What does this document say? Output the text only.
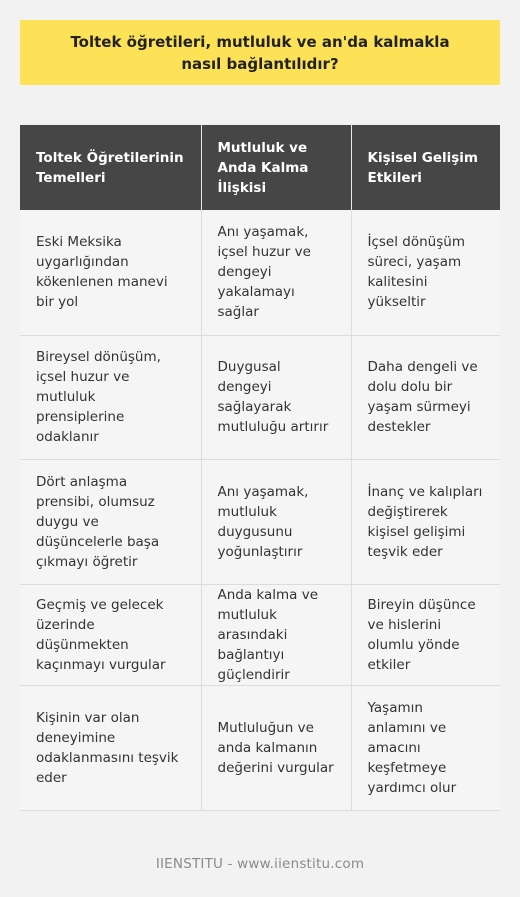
Toltek öğretileri, mutluluk ve an'da kalmakla nasıl bağlantılıdır?
Toltek Öğretilerinin Temelleri	Mutluluk ve Anda Kalma İlişkisi	Kişisel Gelişim Etkileri
Eski Meksika uygarlığından kökenlenen manevi bir yol	Anı yaşamak, içsel huzur ve dengeyi yakalamayı sağlar	İçsel dönüşüm süreci, yaşam kalitesini yükseltir
Bireysel dönüşüm, içsel huzur ve mutluluk prensiplerine odaklanır	Duygusal dengeyi sağlayarak mutluluğu artırır	Daha dengeli ve dolu dolu bir yaşam sürmeyi destekler
Dört anlaşma prensibi, olumsuz duygu ve düşüncelerle başa çıkmayı öğretir	Anı yaşamak, mutluluk duygusunu yoğunlaştırır	İnanç ve kalıpları değiştirerek kişisel gelişimi teşvik eder
Geçmiş ve gelecek üzerinde düşünmekten kaçınmayı vurgular	Anda kalma ve mutluluk arasındaki bağlantıyı güçlendirir	Bireyin düşünce ve hislerini olumlu yönde etkiler
Kişinin var olan deneyimine odaklanmasını teşvik eder	Mutluluğun ve anda kalmanın değerini vurgular	Yaşamın anlamını ve amacını keşfetmeye yardımcı olur
IIENSTITU - www.iienstitu.com
